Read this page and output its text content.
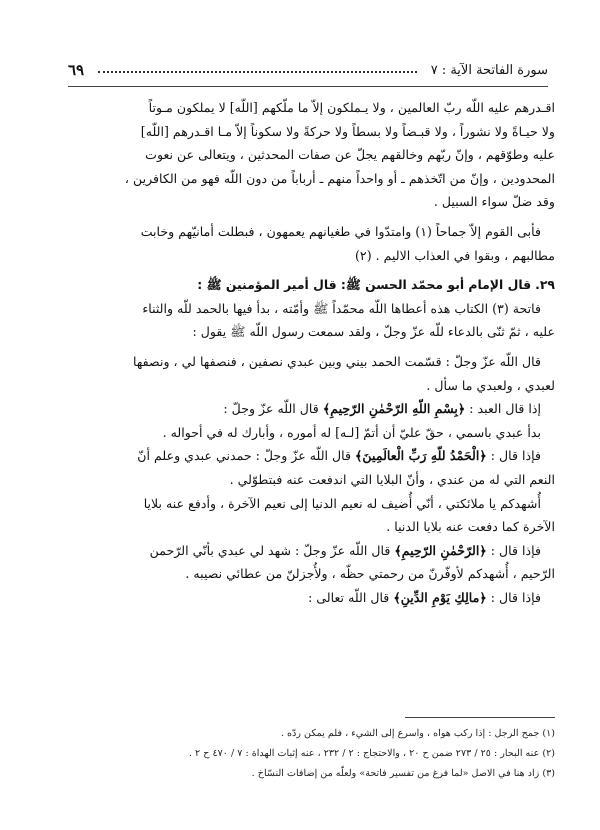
سورة الفاتحة الآية : ٧
٦٩

اقـدرهم عليه اللّه ربّ العالمين ، ولا يـملكون إلاّ ما ملّكهم [اللّه] لا يملكون مـوتاً

ولا حيـاةً ولا نشوراً ، ولا قبـضاً ولا بسطاً ولا حركةً ولا سكوناً إلاّ مـا اقـدرهم [اللّه]

عليه وطوّقهم ، وإنّ ربّهم وخالقهم يجلّ عن صفات المحدثين ، ويتعالى عن نعوت

المحدودين ، وإنّ من اتّخذهم ـ أو واحداً منهم ـ أرباباً من دون اللّه فهو من الكافرين ،

وقد ضلّ سواء السبيل .

فأبى القوم إلاّ جماحاً (١) وامتدّوا في طغيانهم يعمهون ، فبطلت أمانيّهم وخابت

مطالبهم ، وبقوا في العذاب الاليم . (٢)

٢٩. قال الإمام أبو محمّد الحسن ﷺ: قال أمير المؤمنين ﷺ :

فاتحة (٣) الكتاب هذه أعطاها اللّه محمّداً ﷺ وأمّته ، بدأ فيها بالحمد للّه والثناء

عليه ، ثمّ ثنّى بالدعاء للّه عزّ وجلّ ، ولقد سمعت رسول اللّه ﷺ يقول :

قال اللّه عزّ وجلّ : قسّمت الحمد بيني وبين عبدي نصفين ، فنصفها لي ، ونصفها

لعبدي ، ولعبدي ما سأل .

إذا قال العبد : ﴿بِسْمِ اللّهِ الرّحْمٰنِ الرّحِيمِ﴾ قال اللّه عزّ وجلّ :

بدأ عبدي باسمي ، حقّ عليّ أن أتمّ [لـه] له أموره ، وأبارك له في أحواله .

فإذا قال : ﴿الْحَمْدُ للّهِ رَبِّ الْعالَمِينَ﴾ قال اللّه عزّ وجلّ : حمدني عبدي وعلم أنّ

النعم التي له من عندي ، وأنّ البلايا التي اندفعت عنه فبتطوّلي .

أُشهدكم يا ملائكتي ، أنّي أُضيف له نعيم الدنيا إلى نعيم الآخرة ، وأدفع عنه بلايا

الآخرة كما دفعت عنه بلايا الدنيا .

فإذا قال : ﴿الرّحْمٰنِ الرّحِيمِ﴾ قال اللّه عزّ وجلّ : شهد لي عبدي بأنّي الرّحمن

الرّحيم ، أُشهدكم لأوفّرنّ من رحمتي حظّه ، ولأُجزلنّ من عطائي نصيبه .

فإذا قال : ﴿مالِكِ يَوْمِ الدِّينِ﴾ قال اللّه تعالى :

(١) جمح الرجل : إذا ركب هواه ، واسرع إلى الشيء ، فلم يمكن ردّه .

(٢) عنه البحار : ٢٥ / ٢٧٣ ضمن ح ٢٠ ، والاحتجاج : ٢ / ٢٣٢ ، عنه إثبات الهداة : ٧ / ٤٧٠ ح ٢ .

(٣) زاد هنا في الاصل «لما فرغ من تفسير فاتحة» ولعلّه من إضافات النسّاخ .
